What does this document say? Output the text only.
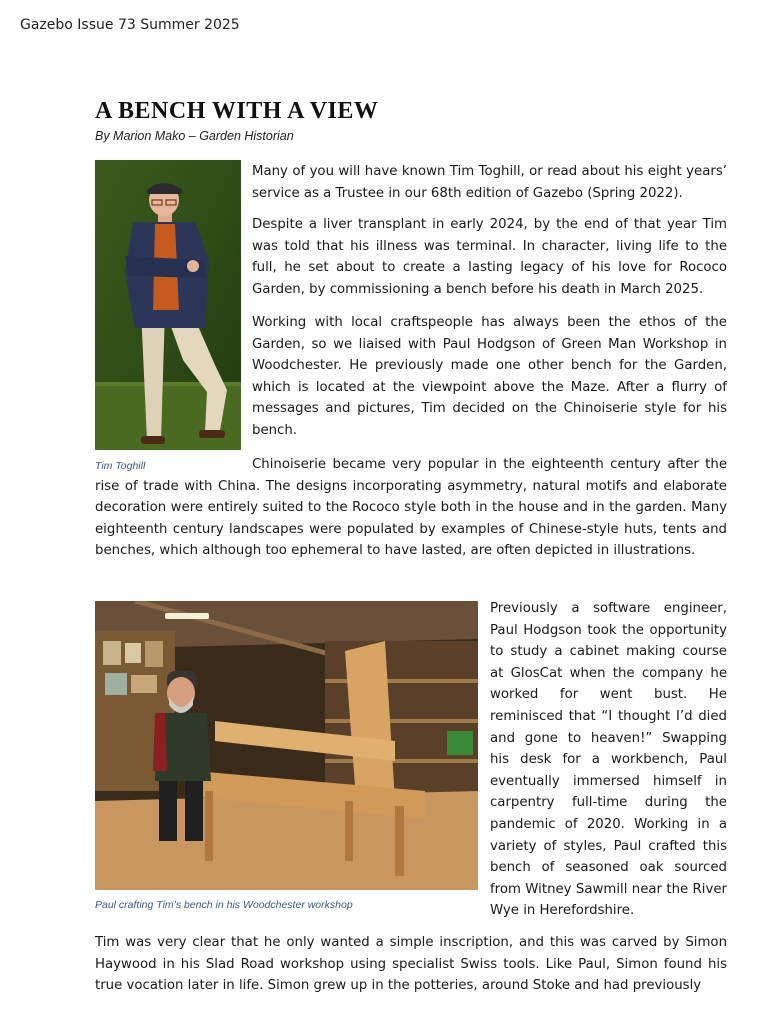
Gazebo Issue 73 Summer 2025
A BENCH WITH A VIEW
By Marion Mako – Garden Historian
Tim Toghill

Many of you will have known Tim Toghill, or read about his eight years’ service as a Trustee in our 68th edition of Gazebo (Spring 2022).

Despite a liver transplant in early 2024, by the end of that year Tim was told that his illness was terminal. In character, living life to the full, he set about to create a lasting legacy of his love for Rococo Garden, by commissioning a bench before his death in March 2025.

Working with local craftspeople has always been the ethos of the Garden, so we liaised with Paul Hodgson of Green Man Workshop in Woodchester. He previously made one other bench for the Garden, which is located at the viewpoint above the Maze. After a flurry of messages and pictures, Tim decided on the Chinoiserie style for his bench.

Chinoiserie became very popular in the eighteenth century after the rise of trade with China. The designs incorporating asymmetry, natural motifs and elaborate decoration were entirely suited to the Rococo style both in the house and in the garden. Many eighteenth century landscapes were populated by examples of Chinese-style huts, tents and benches, which although too ephemeral to have lasted, are often depicted in illustrations.

Paul crafting Tim’s bench in his Woodchester workshop

Previously a software engineer, Paul Hodgson took the opportunity to study a cabinet making course at GlosCat when the company he worked for went bust. He reminisced that “I thought I’d died and gone to heaven!” Swapping his desk for a workbench, Paul eventually immersed himself in carpentry full-time during the pandemic of 2020. Working in a variety of styles, Paul crafted this bench of seasoned oak sourced from Witney Sawmill near the River Wye in Herefordshire.

Tim was very clear that he only wanted a simple inscription, and this was carved by Simon Haywood in his Slad Road workshop using specialist Swiss tools. Like Paul, Simon found his true vocation later in life. Simon grew up in the potteries, around Stoke and had previously
